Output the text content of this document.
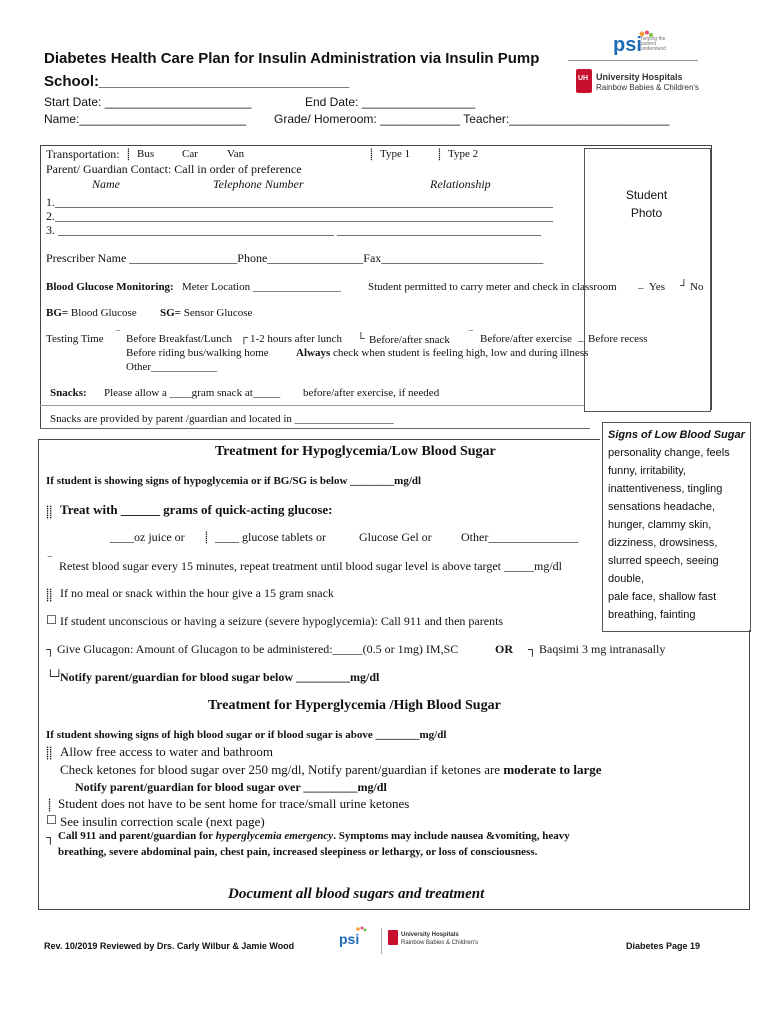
Diabetes Health Care Plan for Insulin Administration via Insulin Pump
School:______________________________
Start Date: ______________________	End Date: _________________
Name:_________________________ Grade/ Homeroom: ____________ Teacher:________________________
psi helping the patient understand
UH University Hospitals
Rainbow Babies & Children's
Student
Photo
Transportation: ⸽ Bus	Car	Van	⸽ Type 1	⸽ Type 2
Parent/ Guardian Contact: Call in order of preference
Name	Telephone Number	Relationship
1.___________________________________________________________________________________
2.___________________________________________________________________________________
3. ______________________________________________ __________________________________
Prescriber Name __________________Phone________________Fax___________________________
Blood Glucose Monitoring: Meter Location ________________ Student permitted to carry meter and check in classroom _ Yes ┘ No
BG= Blood Glucose SG= Sensor Glucose
Testing Time ‾ Before Breakfast/Lunch ┌ 1-2 hours after lunch └ Before/after snack ‾ Before/after exercise _ Before recess
Before riding bus/walking home Always check when student is feeling high, low and during illness
Other____________
Snacks: Please allow a ____gram snack at_____ before/after exercise, if needed
Snacks are provided by parent /guardian and located in __________________
Signs of Low Blood Sugar
personality change, feels
funny, irritability,
inattentiveness, tingling
sensations headache,
hunger, clammy skin,
dizziness, drowsiness,
slurred speech, seeing
double,
pale face, shallow fast
breathing, fainting
Treatment for Hypoglycemia/Low Blood Sugar
If student is showing signs of hypoglycemia or if BG/SG is below ________mg/dl
⸽⸽ Treat with ______ grams of quick-acting glucose:
____oz juice or ⸽ ____ glucose tablets or	Glucose Gel or Other_______________
‾ Retest blood sugar every 15 minutes, repeat treatment until blood sugar level is above target _____mg/dl
⸽⸽ If no meal or snack within the hour give a 15 gram snack
☐ If student unconscious or having a seizure (severe hypoglycemia): Call 911 and then parents
┐ Give Glucagon: Amount of Glucagon to be administered:_____(0.5 or 1mg) IM,SC	OR ┐ Baqsimi 3 mg intranasally
└┘
Notify parent/guardian for blood sugar below _________mg/dl
Treatment for Hyperglycemia /High Blood Sugar
If student showing signs of high blood sugar or if blood sugar is above ________mg/dl
⸽⸽ Allow free access to water and bathroom
Check ketones for blood sugar over 250 mg/dl, Notify parent/guardian if ketones are moderate to large
Notify parent/guardian for blood sugar over _________mg/dl
⸽ Student does not have to be sent home for trace/small urine ketones
☐ See insulin correction scale (next page)
┐ Call 911 and parent/guardian for hyperglycemia emergency. Symptoms may include nausea &vomiting, heavy
breathing, severe abdominal pain, chest pain, increased sleepiness or lethargy, or loss of consciousness.
Document all blood sugars and treatment
Rev. 10/2019 Reviewed by Drs. Carly Wilbur & Jamie Wood	psi	University Hospitals
Rainbow Babies & Children's	Diabetes Page 19
